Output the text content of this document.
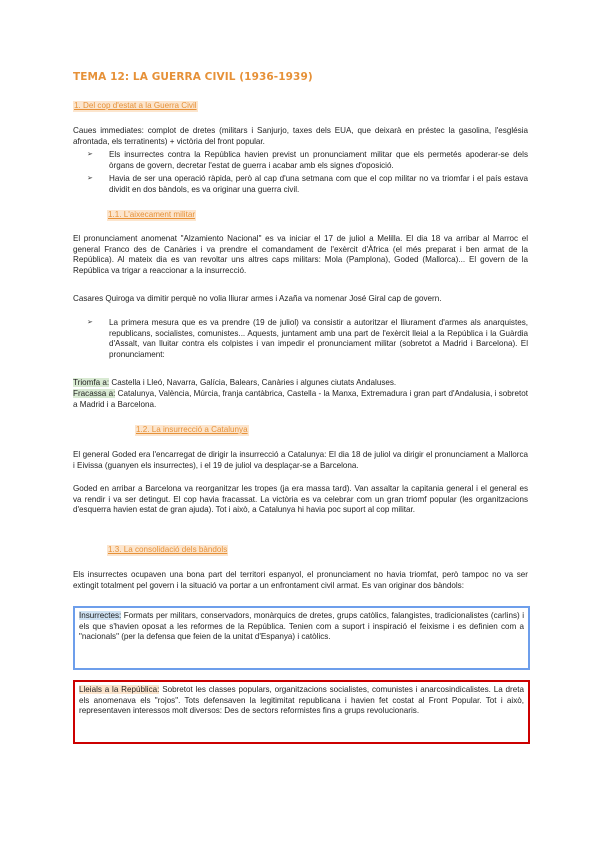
TEMA 12: LA GUERRA CIVIL (1936-1939)
1. Del cop d'estat a la Guerra Civil
Caues immediates: complot de dretes (militars i Sanjurjo, taxes dels EUA, que deixarà en préstec la gasolina, l'església afrontada, els terratinents) + victòria del front popular.
➢	Els insurrectes contra la República havien previst un pronunciament militar que els permetés apoderar-se dels òrgans de govern, decretar l'estat de guerra i acabar amb els signes d'oposició.
➢	Havia de ser una operació ràpida, però al cap d'una setmana com que el cop militar no va triomfar i el país estava dividit en dos bàndols, es va originar una guerra civil.
1.1. L'aixecament militar
El pronunciament anomenat "Alzamiento Nacional" es va iniciar el 17 de juliol a Melilla. El dia 18 va arribar al Marroc el general Franco des de Canàries i va prendre el comandament de l'exèrcit d'Àfrica (el més preparat i ben armat de la República). Al mateix dia es van revoltar uns altres caps militars: Mola (Pamplona), Goded (Mallorca)... El govern de la República va trigar a reaccionar a la insurrecció.
Casares Quiroga va dimitir perquè no volia lliurar armes i Azaña va nomenar José Giral cap de govern.
➢	La primera mesura que es va prendre (19 de juliol) va consistir a autoritzar el lliurament d'armes als anarquistes, republicans, socialistes, comunistes... Aquests, juntament amb una part de l'exèrcit lleial a la República i la Guàrdia d'Assalt, van lluitar contra els colpistes i van impedir el pronunciament militar (sobretot a Madrid i Barcelona). El pronunciament:
Triomfa a: Castella i Lleó, Navarra, Galícia, Balears, Canàries i algunes ciutats Andaluses.
Fracassa a: Catalunya, València, Múrcia, franja cantàbrica, Castella - la Manxa, Extremadura i gran part d'Andalusia, i sobretot a Madrid i a Barcelona.
1.2. La insurrecció a Catalunya
El general Goded era l'encarregat de dirigir la insurrecció a Catalunya: El dia 18 de juliol va dirigir el pronunciament a Mallorca i Eivissa (guanyen els insurrectes), i el 19 de juliol va desplaçar-se a Barcelona.
Goded en arribar a Barcelona va reorganitzar les tropes (ja era massa tard). Van assaltar la capitania general i el general es va rendir i va ser detingut. El cop havia fracassat. La victòria es va celebrar com un gran triomf popular (les organitzacions d'esquerra havien estat de gran ajuda). Tot i això, a Catalunya hi havia poc suport al cop militar.
1.3. La consolidació dels bàndols
Els insurrectes ocupaven una bona part del territori espanyol, el pronunciament no havia triomfat, però tampoc no va ser extingit totalment pel govern i la situació va portar a un enfrontament civil armat. Es van originar dos bàndols:
Insurrectes: Formats per militars, conservadors, monàrquics de dretes, grups catòlics, falangistes, tradicionalistes (carlins) i els que s'havien oposat a les reformes de la República. Tenien com a suport i inspiració el feixisme i es definien com a "nacionals" (per la defensa que feien de la unitat d'Espanya) i catòlics.
Lleials a la República: Sobretot les classes populars, organitzacions socialistes, comunistes i anarcosindicalistes. La dreta els anomenava els "rojos". Tots defensaven la legitimitat republicana i havien fet costat al Front Popular. Tot i això, representaven interessos molt diversos: Des de sectors reformistes fins a grups revolucionaris.
